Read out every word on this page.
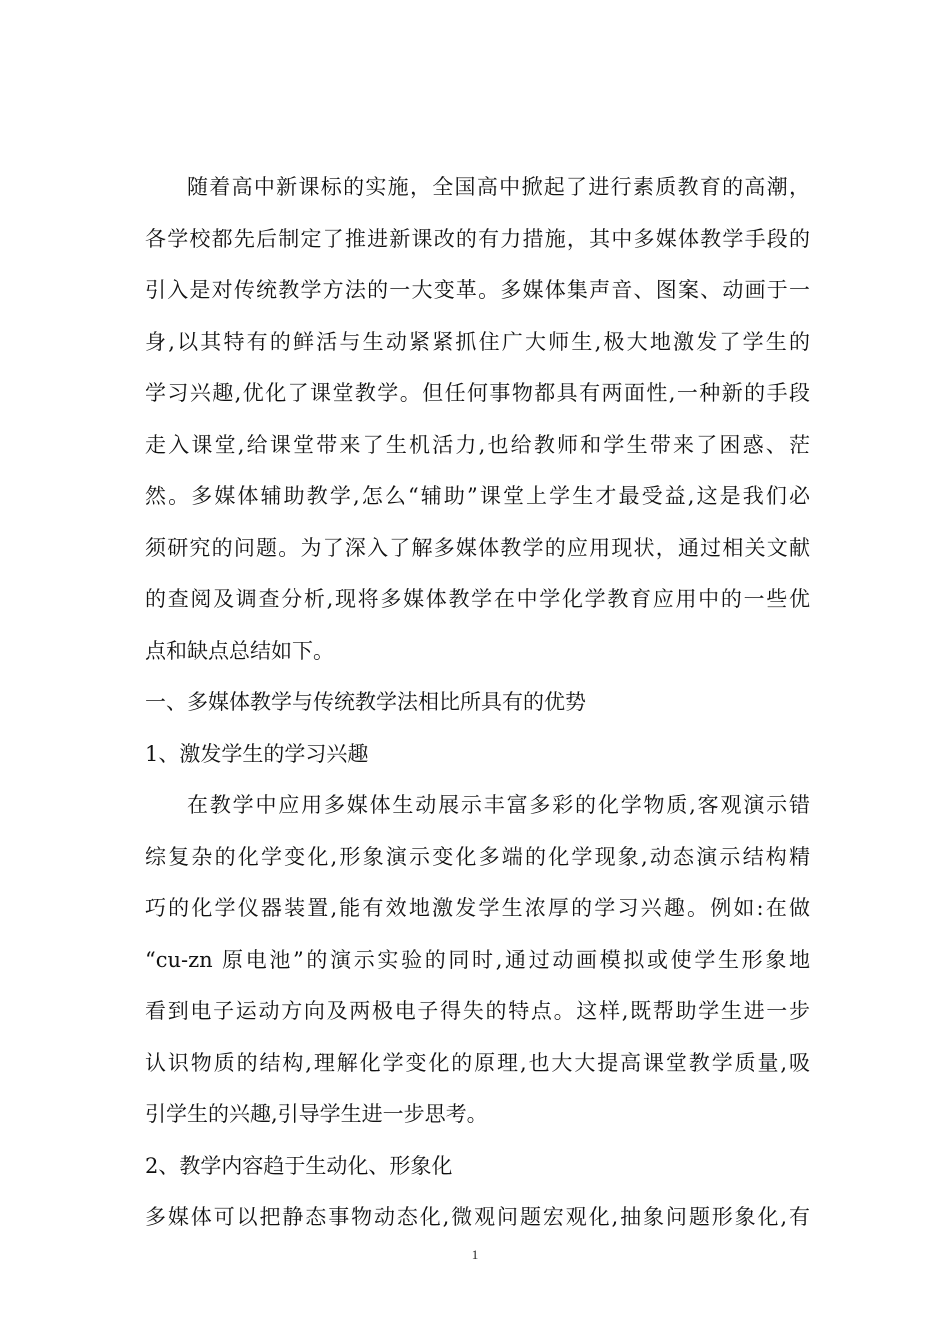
随着高中新课标的实施，全国高中掀起了进行素质教育的高潮，
各学校都先后制定了推进新课改的有力措施，其中多媒体教学手段的
引入是对传统教学方法的一大变革。多媒体集声音、图案、动画于一
身,以其特有的鲜活与生动紧紧抓住广大师生,极大地激发了学生的
学习兴趣,优化了课堂教学。但任何事物都具有两面性,一种新的手段
走入课堂,给课堂带来了生机活力,也给教师和学生带来了困惑、茫
然。多媒体辅助教学,怎么“辅助”课堂上学生才最受益,这是我们必
须研究的问题。为了深入了解多媒体教学的应用现状，通过相关文献
的查阅及调查分析,现将多媒体教学在中学化学教育应用中的一些优
点和缺点总结如下。
一、多媒体教学与传统教学法相比所具有的优势
1、激发学生的学习兴趣
在教学中应用多媒体生动展示丰富多彩的化学物质,客观演示错
综复杂的化学变化,形象演示变化多端的化学现象,动态演示结构精
巧的化学仪器装置,能有效地激发学生浓厚的学习兴趣。例如:在做
“cu-zn 原电池”的演示实验的同时,通过动画模拟或使学生形象地
看到电子运动方向及两极电子得失的特点。这样,既帮助学生进一步
认识物质的结构,理解化学变化的原理,也大大提高课堂教学质量,吸
引学生的兴趣,引导学生进一步思考。
2、教学内容趋于生动化、形象化
多媒体可以把静态事物动态化,微观问题宏观化,抽象问题形象化,有
1
